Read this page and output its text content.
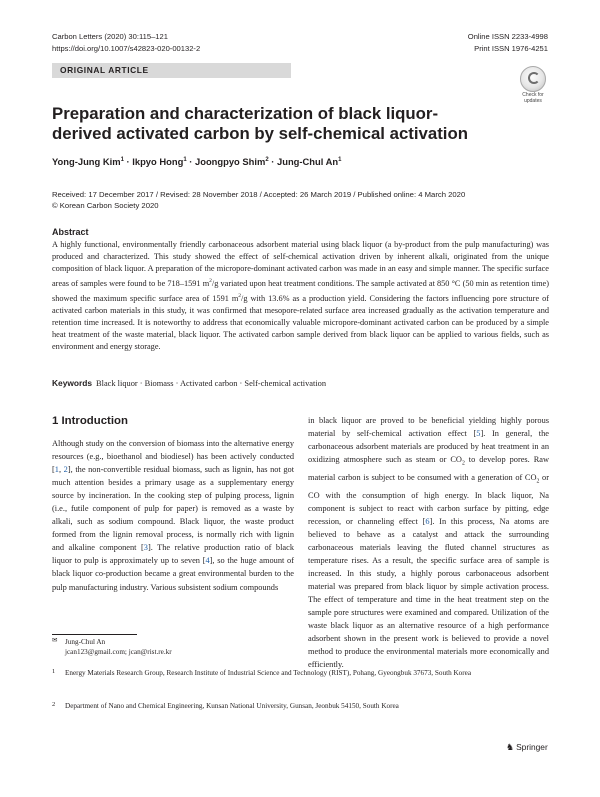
Carbon Letters (2020) 30:115–121
https://doi.org/10.1007/s42823-020-00132-2
Online ISSN 2233-4998
Print ISSN 1976-4251
ORIGINAL ARTICLE
Check for updates
Preparation and characterization of black liquor-derived activated carbon by self-chemical activation
Yong-Jung Kim$^1$ · Ikpyo Hong$^1$ · Joongpyo Shim$^2$ · Jung-Chul An$^1$
Received: 17 December 2017 / Revised: 28 November 2018 / Accepted: 26 March 2019 / Published online: 4 March 2020
© Korean Carbon Society 2020
Abstract

A highly functional, environmentally friendly carbonaceous adsorbent material using black liquor (a by-product from the pulp manufacturing) was produced and characterized. This study showed the effect of self-chemical activation driven by inherent alkali, originated from the unique composition of black liquor. A preparation of the micropore-dominant activated carbon was made in an easy and simple manner. The specific surface areas of samples were found to be 718–1591 $m^2/g$ variated upon heat treatment conditions. The sample activated at 850 °C (50 min as retention time) showed the maximum specific surface area of 1591 $m^2/g$ with 13.6% as a production yield. Considering the factors influencing pore structure of activated carbon materials in this study, it was confirmed that mesopore-related surface area increased gradually as the activation temperature and retention time increased. It is noteworthy to address that economically valuable micropore-dominant activated carbon can be produced by a simple heat treatment of the waste material, black liquor. The activated carbon sample derived from black liquor can be applied to various fields, such as environment and energy storage.

Keywords Black liquor · Biomass · Activated carbon · Self-chemical activation
1 Introduction

Although study on the conversion of biomass into the alternative energy resources (e.g., bioethanol and biodiesel) has been actively conducted [1, 2], the non-convertible residual biomass, such as lignin, has not got much attention besides a primary usage as a supplementary energy source by incineration. In the cooking step of pulping process, lignin (i.e., futile component of pulp for paper) is removed as a waste by alkali, such as sodium compound. Black liquor, the waste product formed from the lignin removal process, is normally rich with lignin and alkaline component [3]. The relative production ratio of black liquor to pulp is approximately up to seven [4], so the huge amount of black liquor co-production became a great environmental burden to the pulp manufacturing industry. Various subsistent sodium compounds

in black liquor are proved to be beneficial yielding highly porous material by self-chemical activation effect [5]. In general, the carbonaceous adsorbent materials are produced by heat treatment in an oxidizing atmosphere such as steam or $CO_2$ to develop pores. Raw material carbon is subject to be consumed with a generation of $CO_2$ or CO with the consumption of high energy. In black liquor, Na component is subject to react with carbon surface by pitting, edge recession, or channeling effect [6]. In this process, Na atoms are believed to behave as a catalyst and attack the surrounding carbonaceous materials leaving the fluted channel structures as temperature rises. As a result, the specific surface area of sample is increased. In this study, a highly porous carbonaceous adsorbent material was prepared from black liquor by simple activation process. The effect of temperature and time in the heat treatment step on the sample pore structures were examined and compared. Utilization of the waste black liquor as an alternative resource of a high performance adsorbent shown in the present work is believed to provide a novel method to produce the environmental materials more economically and efficiently.

✉ Jung-Chul An
jcan123@gmail.com; jcan@rist.re.kr
1 Energy Materials Research Group, Research Institute of Industrial Science and Technology (RIST), Pohang, Gyeongbuk 37673, South Korea
2 Department of Nano and Chemical Engineering, Kunsan National University, Gunsan, Jeonbuk 54150, South Korea
♞ Springer
